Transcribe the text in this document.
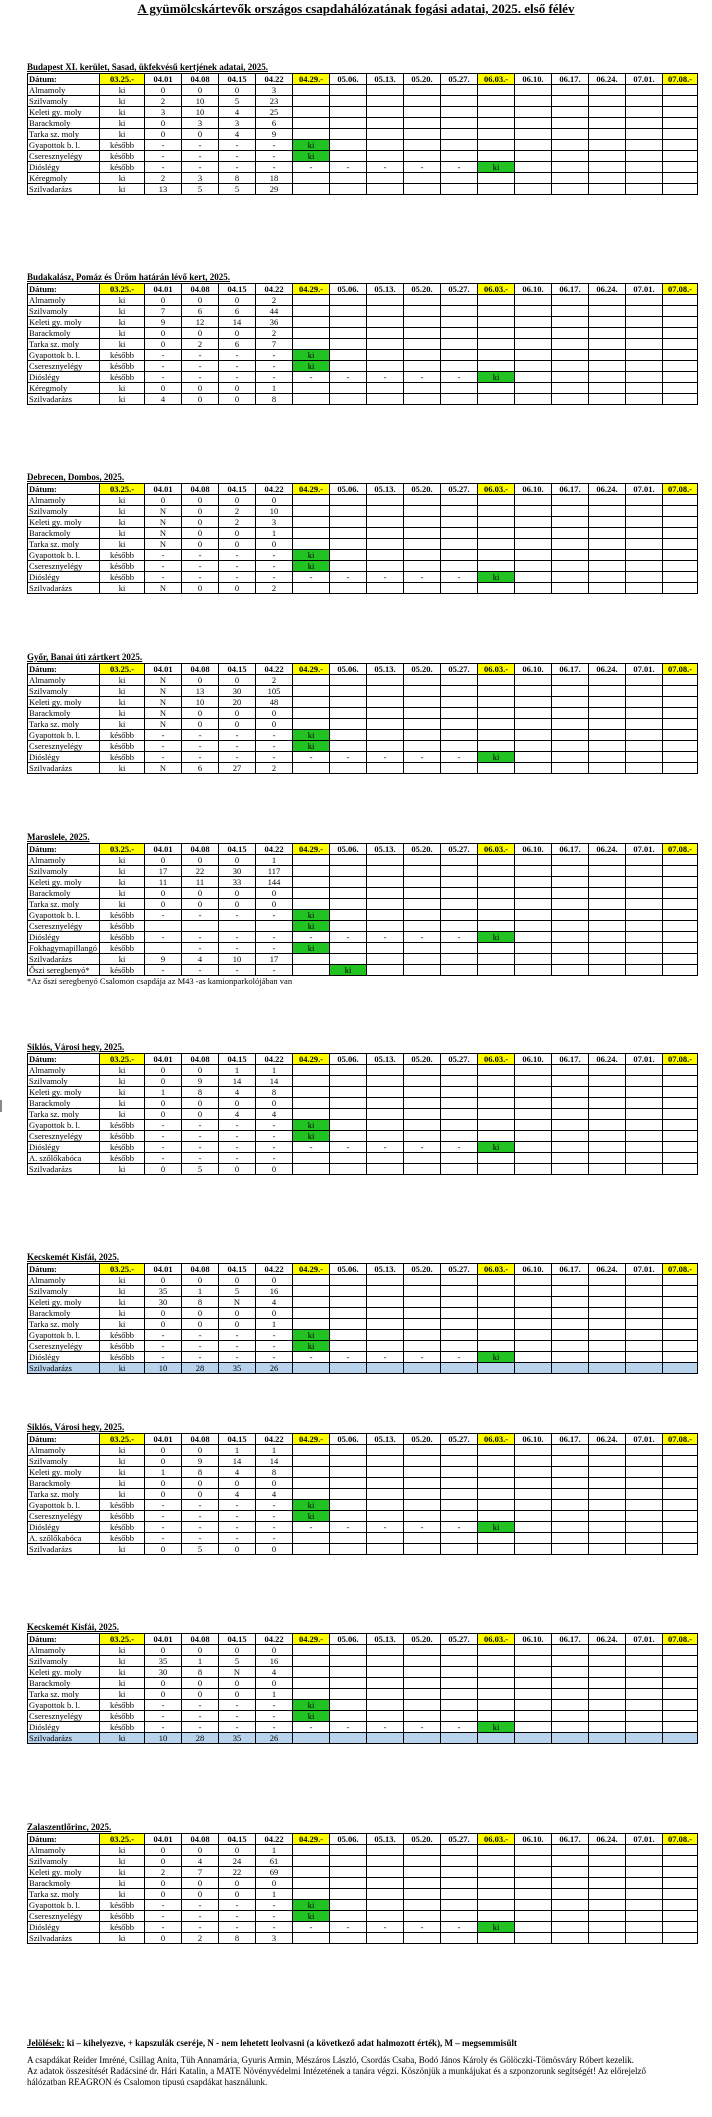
A gyümölcskártevők országos csapdahálózatának fogási adatai, 2025. első félév
Budapest XI. kerület, Sasad, ükfekvésű kertjének adatai, 2025.
Dátum:	03.25.-	04.01	04.08	04.15	04.22	04.29.-	05.06.	05.13.	05.20.	05.27.	06.03.-	06.10.	06.17.	06.24.	07.01.	07.08.-
Almamoly	ki	0	0	0	3											
Szilvamoly	ki	2	10	5	23											
Keleti gy. moly	ki	3	10	4	25											
Barackmoly	ki	0	3	3	6											
Tarka sz. moly	ki	0	0	4	9											
Gyapottok b. l.	később	-	-	-	-	ki										
Cseresznyelégy	később	-	-	-	-	ki										
Dióslégy	később	-	-	-	-	-	-	-	-	-	ki					
Kéregmoly	ki	2	3	8	18											
Szilvadarázs	ki	13	5	5	29											
Budakalász, Pomáz és Üröm határán lévő kert, 2025.
Dátum:	03.25.-	04.01	04.08	04.15	04.22	04.29.-	05.06.	05.13.	05.20.	05.27.	06.03.-	06.10.	06.17.	06.24.	07.01.	07.08.-
Almamoly	ki	0	0	0	2											
Szilvamoly	ki	7	6	6	44											
Keleti gy. moly	ki	9	12	14	36											
Barackmoly	ki	0	0	0	2											
Tarka sz. moly	ki	0	2	6	7											
Gyapottok b. l.	később	-	-	-	-	ki										
Cseresznyelégy	később	-	-	-	-	ki										
Dióslégy	később	-	-	-	-	-	-	-	-	-	ki					
Kéregmoly	ki	0	0	0	1											
Szilvadarázs	ki	4	0	0	8											
Debrecen, Dombos, 2025.
Dátum:	03.25.-	04.01	04.08	04.15	04.22	04.29.-	05.06.	05.13.	05.20.	05.27.	06.03.-	06.10.	06.17.	06.24.	07.01.	07.08.-
Almamoly	ki	0	0	0	0											
Szilvamoly	ki	N	0	2	10											
Keleti gy. moly	ki	N	0	2	3											
Barackmoly	ki	N	0	0	1											
Tarka sz. moly	ki	N	0	0	0											
Gyapottok b. l.	később	-	-	-	-	ki										
Cseresznyelégy	később	-	-	-	-	ki										
Dióslégy	később	-	-	-	-	-	-	-	-	-	ki					
Szilvadarázs	ki	N	0	0	2											
Győr, Banai úti zártkert 2025.
Dátum:	03.25.-	04.01	04.08	04.15	04.22	04.29.-	05.06.	05.13.	05.20.	05.27.	06.03.-	06.10.	06.17.	06.24.	07.01.	07.08.-
Almamoly	ki	N	0	0	2											
Szilvamoly	ki	N	13	30	105											
Keleti gy. moly	ki	N	10	20	48											
Barackmoly	ki	N	0	0	0											
Tarka sz. moly	ki	N	0	0	0											
Gyapottok b. l.	később	-	-	-	-	ki										
Cseresznyelégy	később	-	-	-	-	ki										
Dióslégy	később	-	-	-	-	-	-	-	-	-	ki					
Szilvadarázs	ki	N	6	27	2											
Maroslele, 2025.
Dátum:	03.25.-	04.01	04.08	04.15	04.22	04.29.-	05.06.	05.13.	05.20.	05.27.	06.03.-	06.10.	06.17.	06.24.	07.01.	07.08.-
Almamoly	ki	0	0	0	1											
Szilvamoly	ki	17	22	30	117											
Keleti gy. moly	ki	11	11	33	144											
Barackmoly	ki	0	0	0	0											
Tarka sz. moly	ki	0	0	0	0											
Gyapottok b. l.	később	-	-	-	-	ki										
Cseresznyelégy	később					ki										
Dióslégy	később	-	-	-	-	-	-	-	-	-	ki					
Fokhagymapillangó	később		-	-	-	ki										
Szilvadarázs	ki	9	4	10	17											
Őszi seregbenyó*	később	-	-	-	-		ki									
*Az őszi seregbenyó Csalomon csapdája az M43 -as kamionparkolójában van
Siklós, Városi hegy, 2025.
Dátum:	03.25.-	04.01	04.08	04.15	04.22	04.29.-	05.06.	05.13.	05.20.	05.27.	06.03.-	06.10.	06.17.	06.24.	07.01.	07.08.-
Almamoly	ki	0	0	1	1											
Szilvamoly	ki	0	9	14	14											
Keleti gy. moly	ki	1	8	4	8											
Barackmoly	ki	0	0	0	0											
Tarka sz. moly	ki	0	0	4	4											
Gyapottok b. l.	később	-	-	-	-	ki										
Cseresznyelégy	később	-	-	-	-	ki										
Dióslégy	később	-	-	-	-	-	-	-	-	-	ki					
A. szőlőkabóca	később	-	-	-	-											
Szilvadarázs	ki	0	5	0	0											
Kecskemét Kisfái, 2025.
Dátum:	03.25.-	04.01	04.08	04.15	04.22	04.29.-	05.06.	05.13.	05.20.	05.27.	06.03.-	06.10.	06.17.	06.24.	07.01.	07.08.-
Almamoly	ki	0	0	0	0											
Szilvamoly	ki	35	1	5	16											
Keleti gy. moly	ki	30	8	N	4											
Barackmoly	ki	0	0	0	0											
Tarka sz. moly	ki	0	0	0	1											
Gyapottok b. l.	később	-	-	-	-	ki										
Cseresznyelégy	később	-	-	-	-	ki										
Dióslégy	később	-	-	-	-	-	-	-	-	-	ki					
Szilvadarázs	ki	10	28	35	26											
Siklós, Városi hegy, 2025.
Dátum:	03.25.-	04.01	04.08	04.15	04.22	04.29.-	05.06.	05.13.	05.20.	05.27.	06.03.-	06.10.	06.17.	06.24.	07.01.	07.08.-
Almamoly	ki	0	0	1	1											
Szilvamoly	ki	0	9	14	14											
Keleti gy. moly	ki	1	8	4	8											
Barackmoly	ki	0	0	0	0											
Tarka sz. moly	ki	0	0	4	4											
Gyapottok b. l.	később	-	-	-	-	ki										
Cseresznyelégy	később	-	-	-	-	ki										
Dióslégy	később	-	-	-	-	-	-	-	-	-	ki					
A. szőlőkabóca	később	-	-	-	-											
Szilvadarázs	ki	0	5	0	0											
Kecskemét Kisfái, 2025.
Dátum:	03.25.-	04.01	04.08	04.15	04.22	04.29.-	05.06.	05.13.	05.20.	05.27.	06.03.-	06.10.	06.17.	06.24.	07.01.	07.08.-
Almamoly	ki	0	0	0	0											
Szilvamoly	ki	35	1	5	16											
Keleti gy. moly	ki	30	8	N	4											
Barackmoly	ki	0	0	0	0											
Tarka sz. moly	ki	0	0	0	1											
Gyapottok b. l.	később	-	-	-	-	ki										
Cseresznyelégy	később	-	-	-	-	ki										
Dióslégy	később	-	-	-	-	-	-	-	-	-	ki					
Szilvadarázs	ki	10	28	35	26											
Zalaszentlőrinc, 2025.
Dátum:	03.25.-	04.01	04.08	04.15	04.22	04.29.-	05.06.	05.13.	05.20.	05.27.	06.03.-	06.10.	06.17.	06.24.	07.01.	07.08.-
Almamoly	ki	0	0	0	1											
Szilvamoly	ki	0	4	24	61											
Keleti gy. moly	ki	2	7	22	69											
Barackmoly	ki	0	0	0	0											
Tarka sz. moly	ki	0	0	0	1											
Gyapottok b. l.	később	-	-	-	-	ki										
Cseresznyelégy	később	-	-	-	-	ki										
Dióslégy	később	-	-	-	-	-	-	-	-	-	ki					
Szilvadarázs	ki	0	2	8	3											
Jelölések: ki – kihelyezve, + kapszulák cseréje, N - nem lehetett leolvasni (a következő adat halmozott érték), M – megsemmisült
A csapdákat Reider Imréné, Csillag Anita, Tüh Annamária, Gyuris Armin, Mészáros László, Csordás Csaba, Bodó János Károly és Gölöczki-Tömösváry Róbert kezelik.
Az adatok összesítését Radácsiné dr. Hári Katalin, a MATE Növényvédelmi Intézetének a tanára végzi. Köszönjük a munkájukat és a szponzorunk segítségét! Az előrejelző hálózatban REAGRON és Csalomon típusú csapdákat használunk.
